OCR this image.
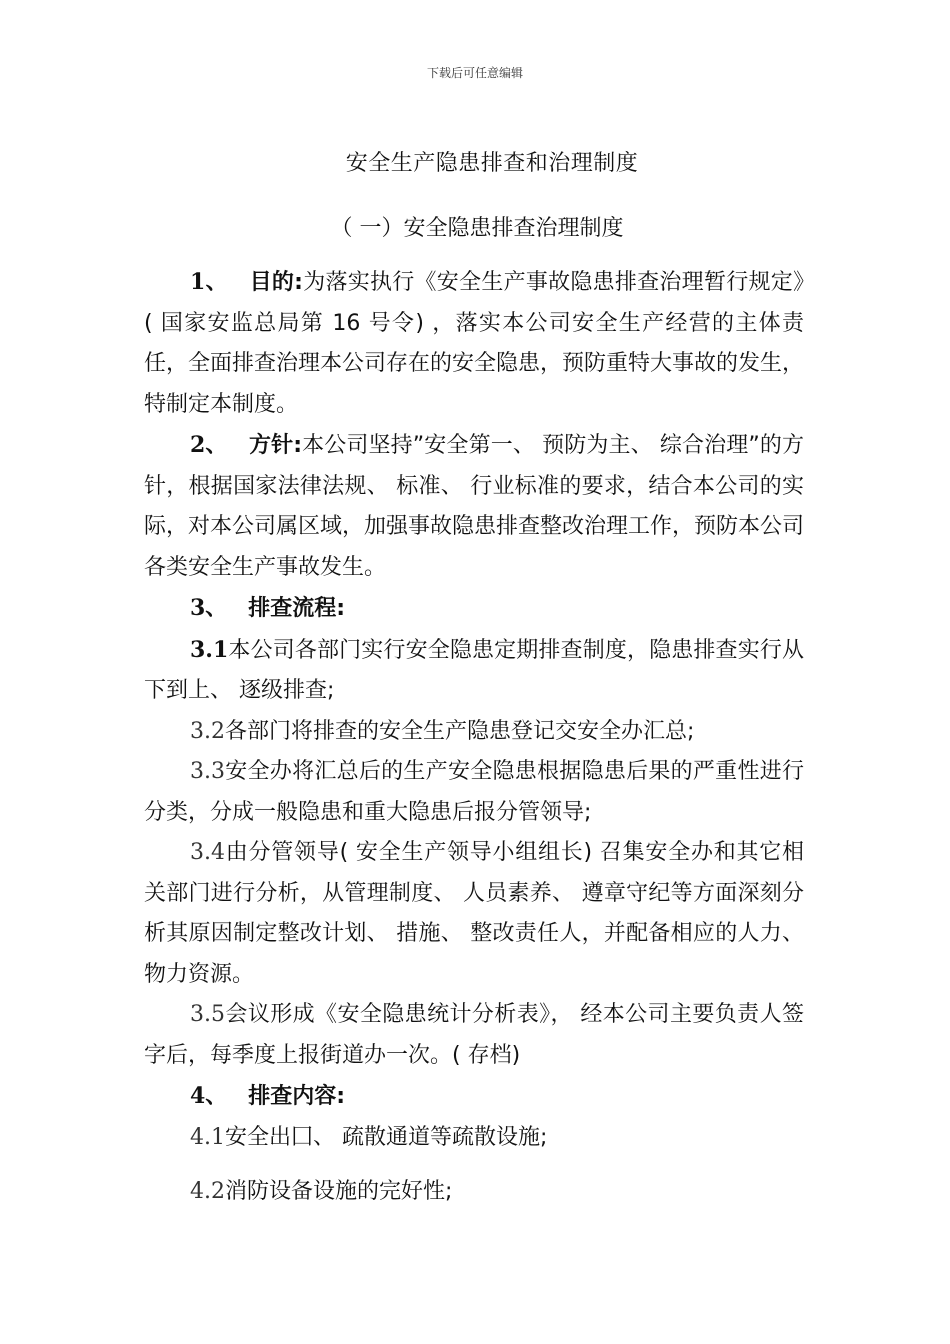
下载后可任意编辑
安全生产隐患排查和治理制度
（ 一）安全隐患排查治理制度

1、 目的:为落实执行《安全生产事故隐患排查治理暂行规定》( 国家安监总局第 16 号令) ，落实本公司安全生产经营的主体责任，全面排查治理本公司存在的安全隐患，预防重特大事故的发生，特制定本制度。

2、 方针:本公司坚持”安全第一、 预防为主、 综合治理”的方针，根据国家法律法规、 标准、 行业标准的要求，结合本公司的实际，对本公司属区域，加强事故隐患排查整改治理工作，预防本公司各类安全生产事故发生。

3、 排查流程:

3.1本公司各部门实行安全隐患定期排查制度，隐患排查实行从下到上、 逐级排查;

3.2各部门将排查的安全生产隐患登记交安全办汇总;

3.3安全办将汇总后的生产安全隐患根据隐患后果的严重性进行分类，分成一般隐患和重大隐患后报分管领导;

3.4由分管领导( 安全生产领导小组组长) 召集安全办和其它相关部门进行分析，从管理制度、 人员素养、 遵章守纪等方面深刻分析其原因制定整改计划、 措施、 整改责任人，并配备相应的人力、 物力资源。

3.5会议形成《安全隐患统计分析表》， 经本公司主要负责人签字后，每季度上报街道办一次。( 存档)

4、 排查内容:

4.1安全出囗、 疏散通道等疏散设施;

4.2消防设备设施的完好性;
